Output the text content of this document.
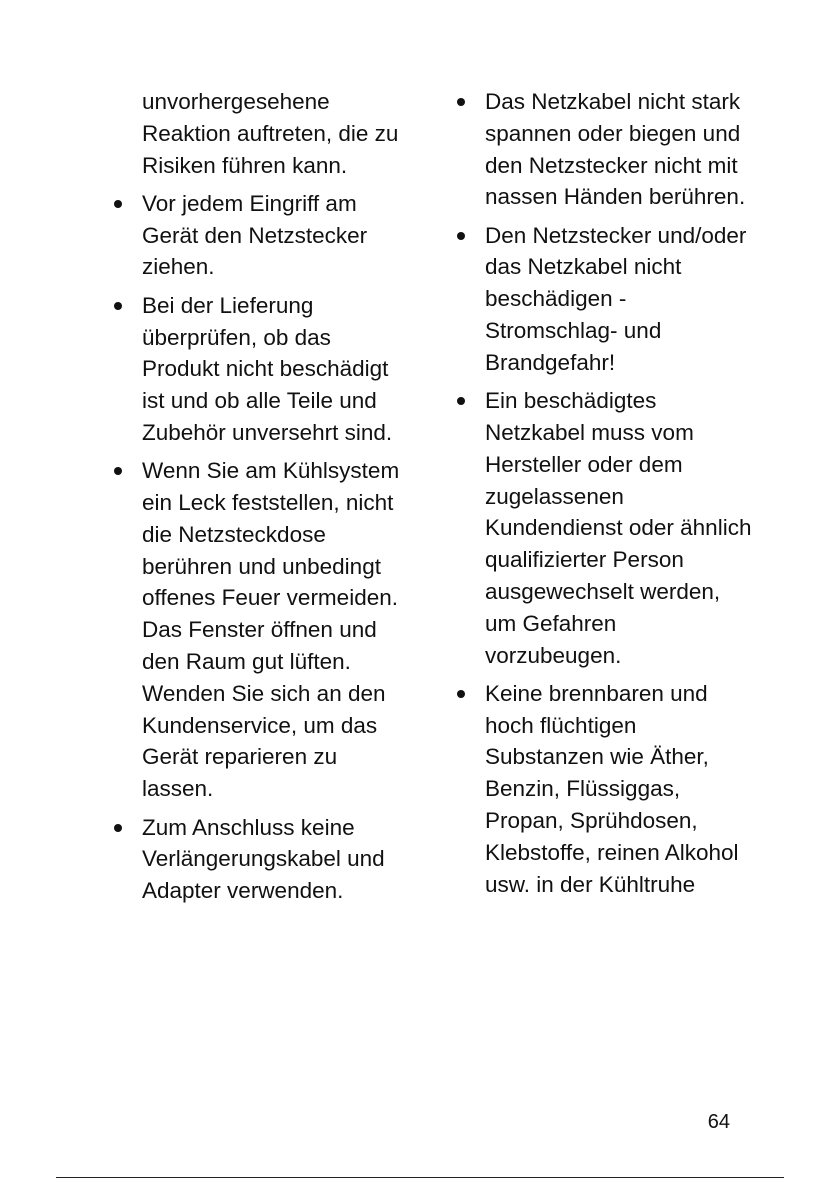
unvorhergesehene Reaktion auftreten, die zu Risiken führen kann.
Vor jedem Eingriff am Gerät den Netzstecker ziehen.
Bei der Lieferung überprüfen, ob das Produkt nicht beschädigt ist und ob alle Teile und Zubehör unversehrt sind.
Wenn Sie am Kühlsystem ein Leck feststellen, nicht die Netzsteckdose berühren und unbedingt offenes Feuer vermeiden. Das Fenster öffnen und den Raum gut lüften. Wenden Sie sich an den Kundenservice, um das Gerät reparieren zu lassen.
Zum Anschluss keine Verlängerungskabel und Adapter verwenden.
Das Netzkabel nicht stark spannen oder biegen und den Netzstecker nicht mit nassen Händen berühren.
Den Netzstecker und/oder das Netzkabel nicht beschädigen - Stromschlag- und Brandgefahr!
Ein beschädigtes Netzkabel muss vom Hersteller oder dem zugelassenen Kundendienst oder ähnlich qualifizierter Person ausgewechselt werden, um Gefahren vorzubeugen.
Keine brennbaren und hoch flüchtigen Substanzen wie Äther, Benzin, Flüssiggas, Propan, Sprühdosen, Klebstoffe, reinen Alkohol usw. in der Kühltruhe
64
